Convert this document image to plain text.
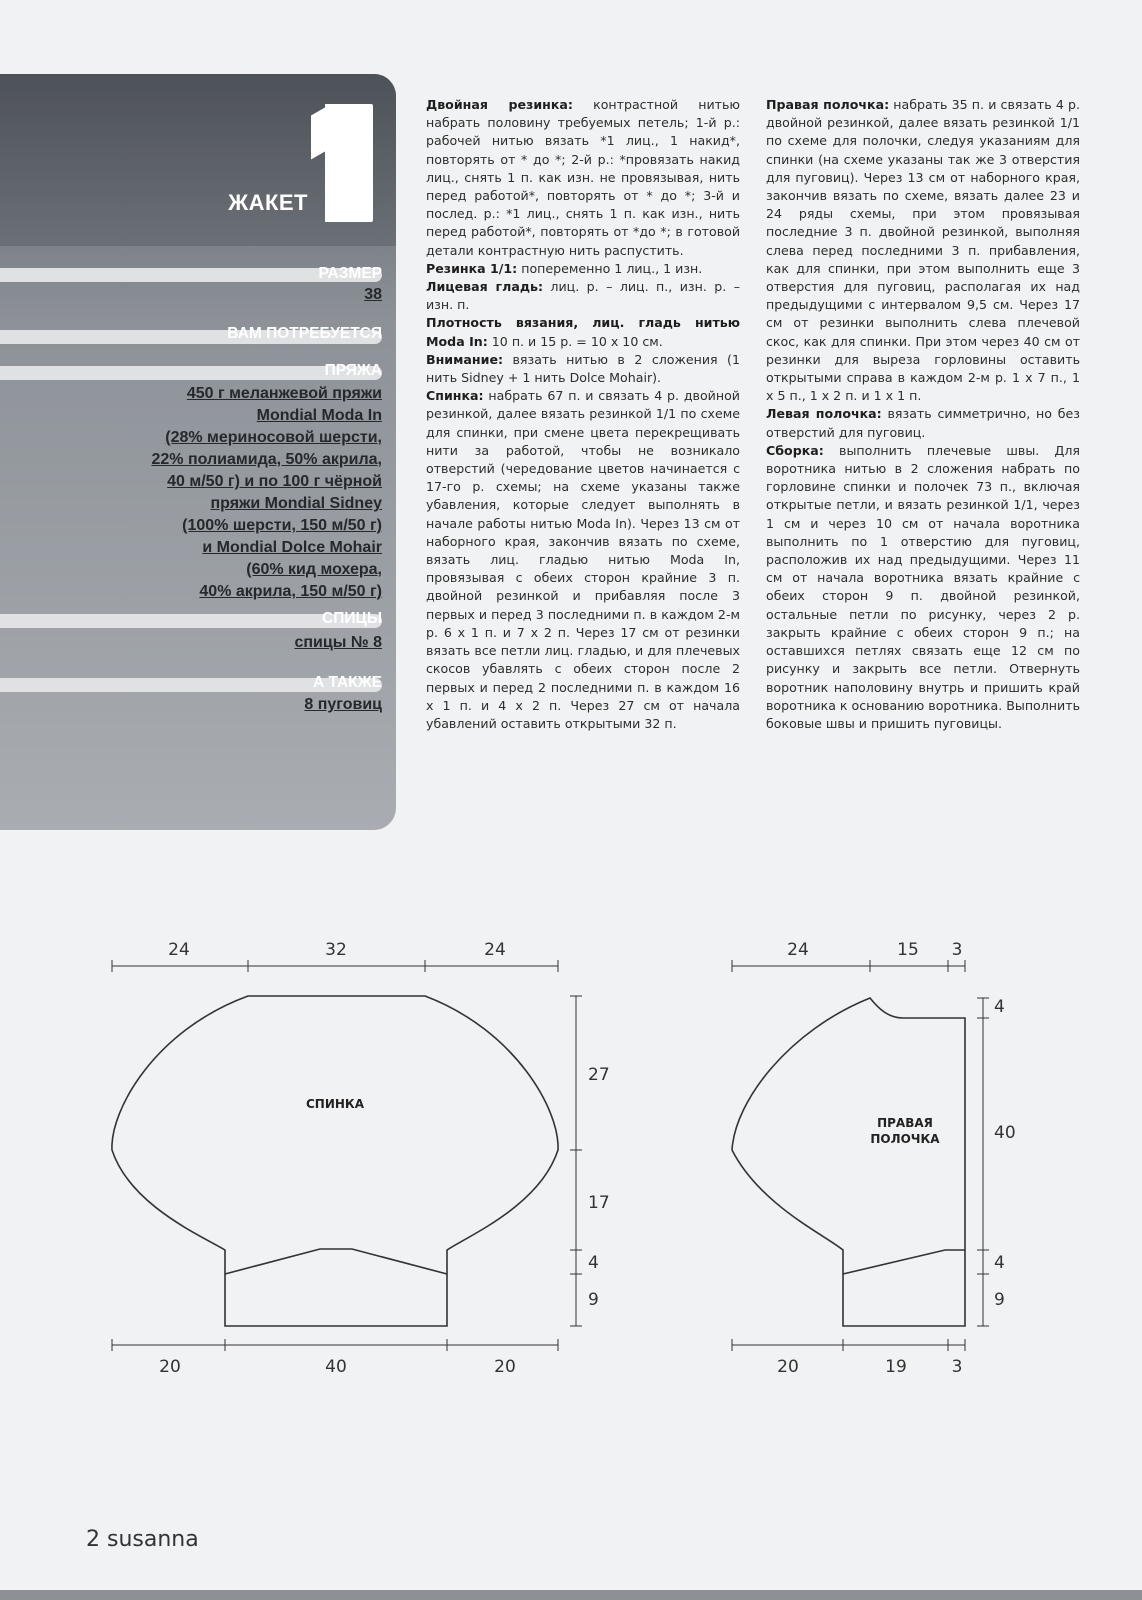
ЖАКЕТ
РАЗМЕР
38
ВАМ ПОТРЕБУЕТСЯ
ПРЯЖА
450 г меланжевой пряжи
Mondial Moda In
(28% мериносовой шерсти,
22% полиамида, 50% акрила,
40 м/50 г) и по 100 г чёрной
пряжи Mondial Sidney
(100% шерсти, 150 м/50 г)
и Mondial Dolce Mohair
(60% кид мохера,
40% акрила, 150 м/50 г)
СПИЦЫ
спицы № 8
А ТАКЖЕ
8 пуговиц

Двойная резинка: контрастной нитью набрать половину требуемых петель; 1-й р.: рабочей нитью вязать *1 лиц., 1 накид*, повторять от * до *; 2-й р.: *провязать накид лиц., снять 1 п. как изн. не провязывая, нить перед работой*, повторять от * до *; 3-й и послед. р.: *1 лиц., снять 1 п. как изн., нить перед работой*, повторять от *до *; в готовой детали контрастную нить распустить.

Резинка 1/1: попеременно 1 лиц., 1 изн.

Лицевая гладь: лиц. р. – лиц. п., изн. р. – изн. п.

Плотность вязания, лиц. гладь нитью Moda In: 10 п. и 15 р. = 10 x 10 см.

Внимание: вязать нитью в 2 сложения (1 нить Sidney + 1 нить Dolce Mohair).

Спинка: набрать 67 п. и связать 4 р. двойной резинкой, далее вязать резинкой 1/1 по схеме для спинки, при смене цвета перекрещивать нити за работой, чтобы не возникало отверстий (чередование цветов начинается с 17-го р. схемы; на схеме указаны также убавления, которые следует выполнять в начале работы нитью Moda In). Через 13 см от наборного края, закончив вязать по схеме, вязать лиц. гладью нитью Moda In, провязывая с обеих сторон крайние 3 п. двойной резинкой и прибавляя после 3 первых и перед 3 последними п. в каждом 2-м р. 6 x 1 п. и 7 x 2 п. Через 17 см от резинки вязать все петли лиц. гладью, и для плечевых скосов убавлять с обеих сторон после 2 первых и перед 2 последними п. в каждом 16 x 1 п. и 4 x 2 п. Через 27 см от начала убавлений оставить открытыми 32 п.

Правая полочка: набрать 35 п. и связать 4 р. двойной резинкой, далее вязать резинкой 1/1 по схеме для полочки, следуя указаниям для спинки (на схеме указаны так же 3 отверстия для пуговиц). Через 13 см от наборного края, закончив вязать по схеме, вязать далее 23 и 24 ряды схемы, при этом провязывая последние 3 п. двойной резинкой, выполняя слева перед последними 3 п. прибавления, как для спинки, при этом выполнить еще 3 отверстия для пуговиц, располагая их над предыдущими с интервалом 9,5 см. Через 17 см от резинки выполнить слева плечевой скос, как для спинки. При этом через 40 см от резинки для выреза горловины оставить открытыми справа в каждом 2-м р. 1 x 7 п., 1 x 5 п., 1 x 2 п. и 1 x 1 п.

Левая полочка: вязать симметрично, но без отверстий для пуговиц.

Сборка: выполнить плечевые швы. Для воротника нитью в 2 сложения набрать по горловине спинки и полочек 73 п., включая открытые петли, и вязать резинкой 1/1, через 1 см и через 10 см от начала воротника выполнить по 1 отверстию для пуговиц, расположив их над предыдущими. Через 11 см от начала воротника вязать крайние с обеих сторон 9 п. двойной резинкой, остальные петли по рисунку, через 2 р. закрыть крайние с обеих сторон 9 п.; на оставшихся петлях связать еще 12 см по рисунку и закрыть все петли. Отвернуть воротник наполовину внутрь и пришить край воротника к основанию воротника. Выполнить боковые швы и пришить пуговицы.

24	32	24
20	40	20
27
17
4
9
СПИНКА
24	15 3
20	19	3
4
40
4
9
ПРАВАЯ
ПОЛОЧКА
2 susanna
